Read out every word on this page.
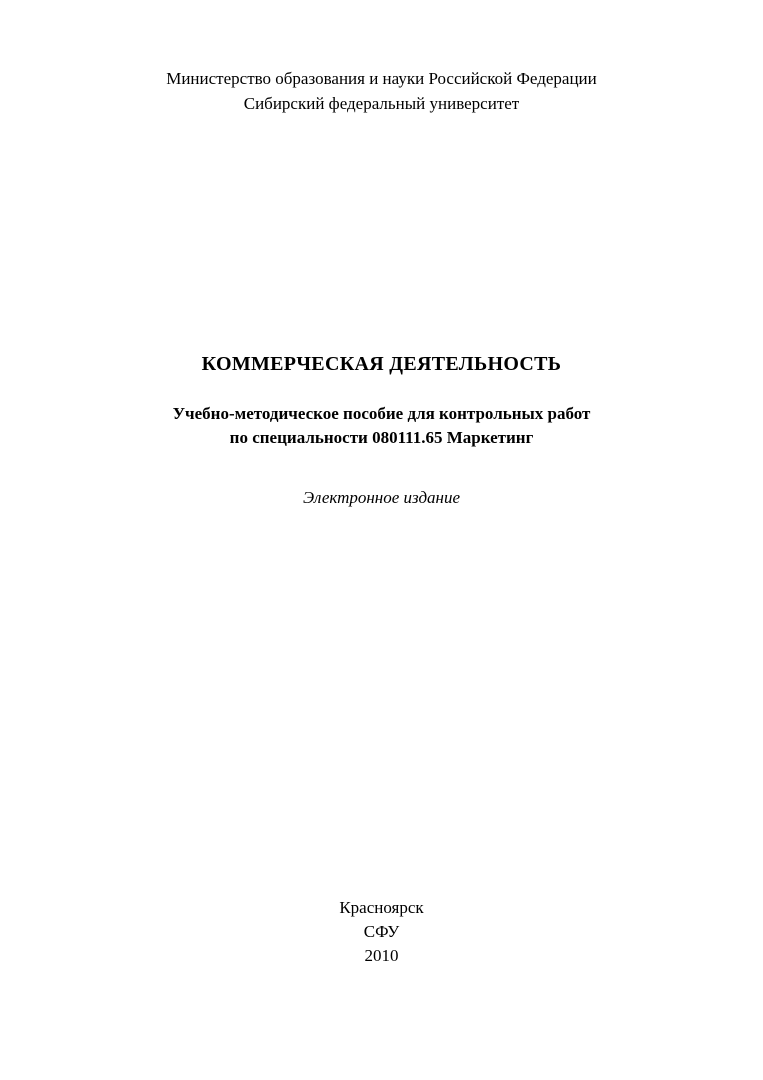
Министерство образования и науки Российской Федерации
Сибирский федеральный университет
КОММЕРЧЕСКАЯ ДЕЯТЕЛЬНОСТЬ
Учебно-методическое пособие для контрольных работ
по специальности 080111.65 Маркетинг
Электронное издание
Красноярск
СФУ
2010
